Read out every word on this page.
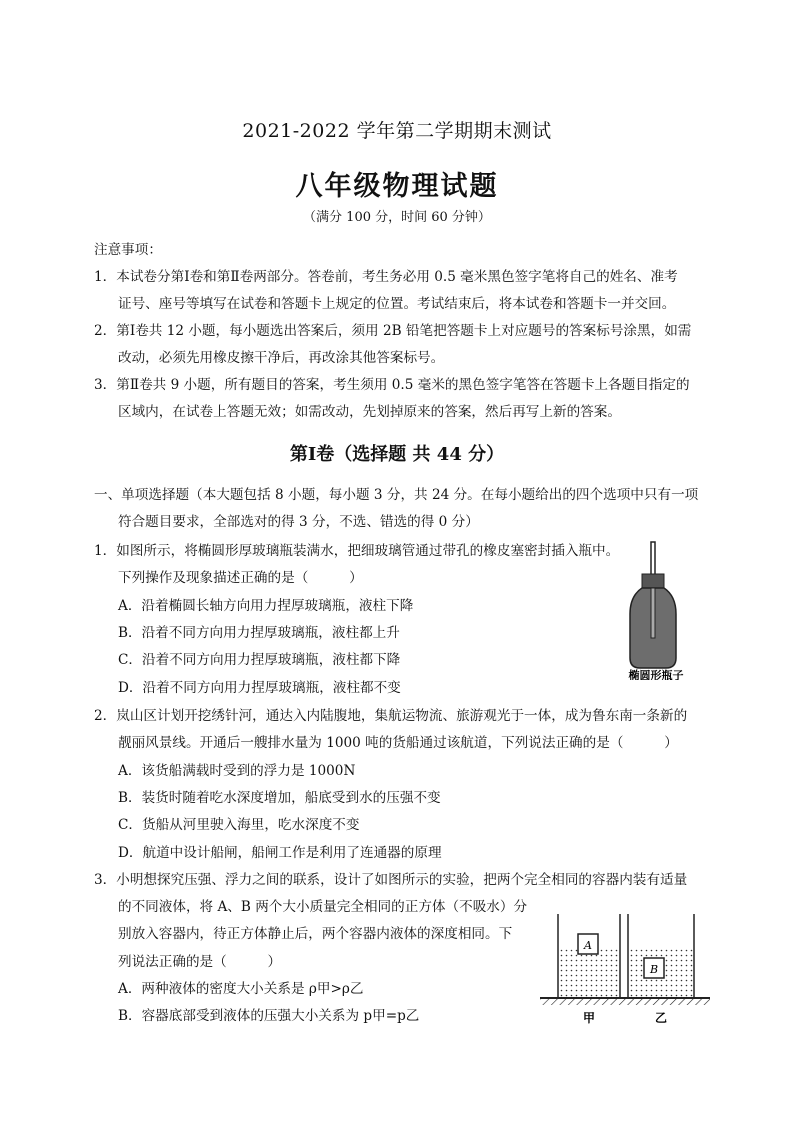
2021-2022 学年第二学期期末测试
八年级物理试题
（满分 100 分，时间 60 分钟）
注意事项：
1．本试卷分第Ⅰ卷和第Ⅱ卷两部分。答卷前，考生务必用 0.5 毫米黑色签字笔将自己的姓名、准考
证号、座号等填写在试卷和答题卡上规定的位置。考试结束后，将本试卷和答题卡一并交回。
2．第Ⅰ卷共 12 小题，每小题选出答案后，须用 2B 铅笔把答题卡上对应题号的答案标号涂黑，如需
改动，必须先用橡皮擦干净后，再改涂其他答案标号。
3．第Ⅱ卷共 9 小题，所有题目的答案，考生须用 0.5 毫米的黑色签字笔答在答题卡上各题目指定的
区域内，在试卷上答题无效；如需改动，先划掉原来的答案，然后再写上新的答案。
第Ⅰ卷（选择题 共 44 分）
一、单项选择题（本大题包括 8 小题，每小题 3 分，共 24 分。在每小题给出的四个选项中只有一项
符合题目要求，全部选对的得 3 分，不选、错选的得 0 分）
1．如图所示，将椭圆形厚玻璃瓶装满水，把细玻璃管通过带孔的橡皮塞密封插入瓶中。
下列操作及现象描述正确的是（　　　）
A．沿着椭圆长轴方向用力捏厚玻璃瓶，液柱下降
B．沿着不同方向用力捏厚玻璃瓶，液柱都上升
C．沿着不同方向用力捏厚玻璃瓶，液柱都下降
D．沿着不同方向用力捏厚玻璃瓶，液柱都不变
椭圆形瓶子
2．岚山区计划开挖绣针河，通达入内陆腹地，集航运物流、旅游观光于一体，成为鲁东南一条新的
靓丽风景线。开通后一艘排水量为 1000 吨的货船通过该航道，下列说法正确的是（　　　）
A．该货船满载时受到的浮力是 1000N
B．装货时随着吃水深度增加，船底受到水的压强不变
C．货船从河里驶入海里，吃水深度不变
D．航道中设计船闸，船闸工作是利用了连通器的原理
3．小明想探究压强、浮力之间的联系，设计了如图所示的实验，把两个完全相同的容器内装有适量
的不同液体，将 A、B 两个大小质量完全相同的正方体（不吸水）分
别放入容器内，待正方体静止后，两个容器内液体的深度相同。下
列说法正确的是（　　　）
A．两种液体的密度大小关系是 ρ甲>ρ乙
B．容器底部受到液体的压强大小关系为 p甲=p乙
A
B
甲	乙
